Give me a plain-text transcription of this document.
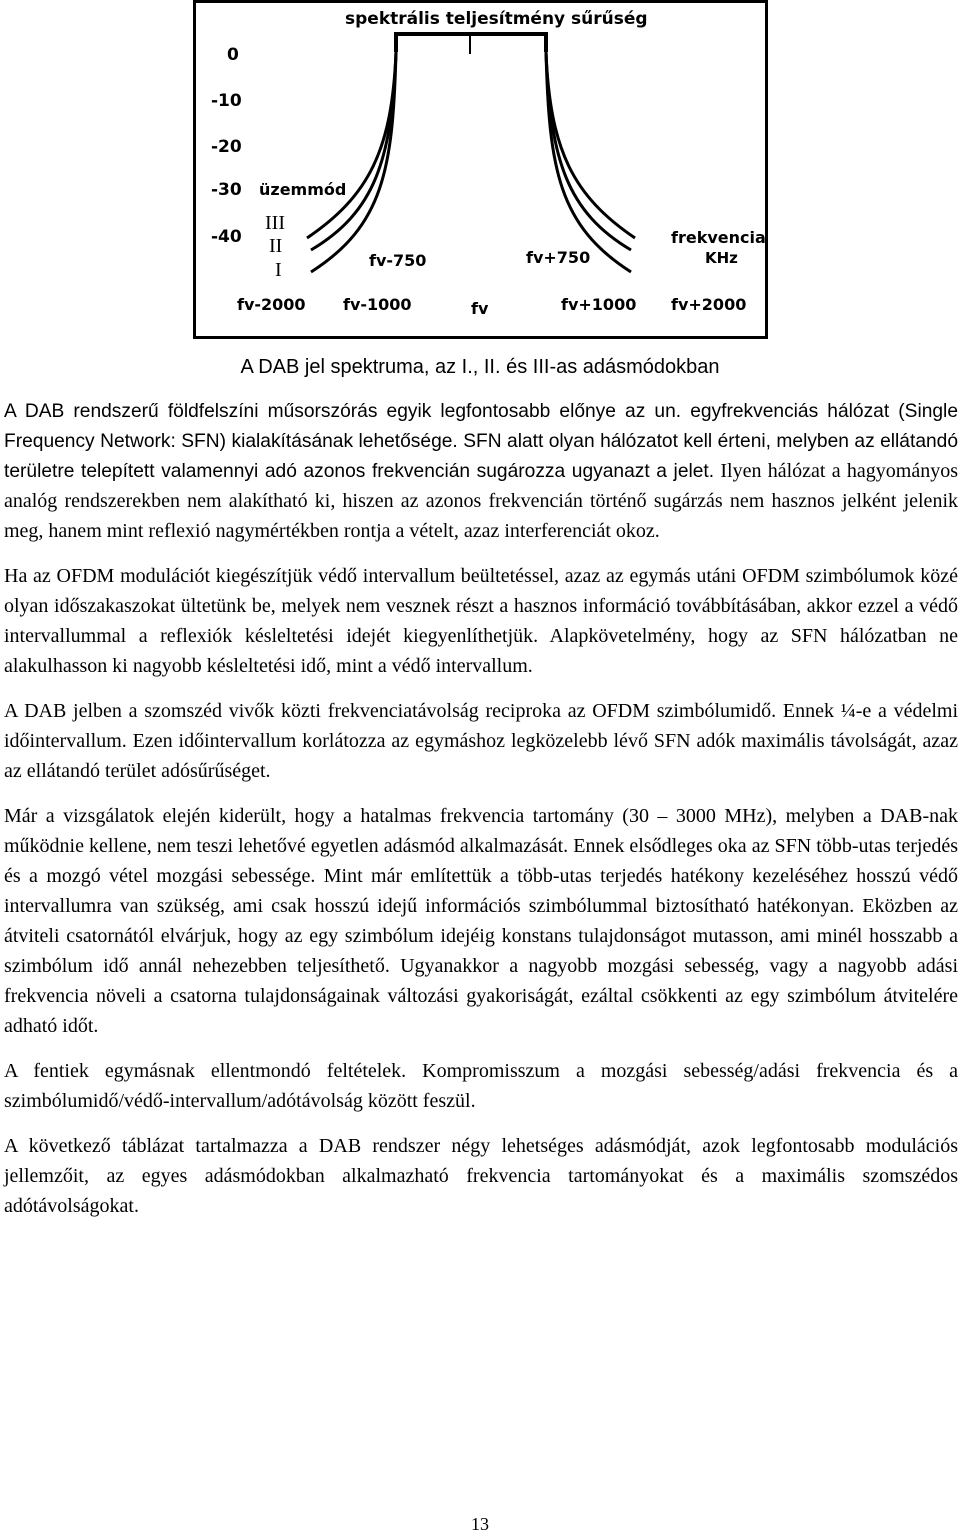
spektrális teljesítmény sűrűség
0
-10
-20
-30
-40
üzemmód
III
II
I
frekvencia
KHz
fv-750	fv+750
fv-2000 fv-1000	fv	fv+1000 fv+2000
A DAB jel spektruma, az I., II. és III-as adásmódokban

A DAB rendszerű földfelszíni műsorszórás egyik legfontosabb előnye az un. egyfrekvenciás hálózat (Single Frequency Network: SFN) kialakításának lehetősége. SFN alatt olyan hálózatot kell érteni, melyben az ellátandó területre telepített valamennyi adó azonos frekvencián sugározza ugyanazt a jelet. Ilyen hálózat a hagyományos analóg rendszerekben nem alakítható ki, hiszen az azonos frekvencián történő sugárzás nem hasznos jelként jelenik meg, hanem mint reflexió nagymértékben rontja a vételt, azaz interferenciát okoz.

Ha az OFDM modulációt kiegészítjük védő intervallum beültetéssel, azaz az egymás utáni OFDM szimbólumok közé olyan időszakaszokat ültetünk be, melyek nem vesznek részt a hasznos információ továbbításában, akkor ezzel a védő intervallummal a reflexiók késleltetési idejét kiegyenlíthetjük. Alapkövetelmény, hogy az SFN hálózatban ne alakulhasson ki nagyobb késleltetési idő, mint a védő intervallum.

A DAB jelben a szomszéd vivők közti frekvenciatávolság reciproka az OFDM szimbólumidő. Ennek ¼-e a védelmi időintervallum. Ezen időintervallum korlátozza az egymáshoz legközelebb lévő SFN adók maximális távolságát, azaz az ellátandó terület adósűrűséget.

Már a vizsgálatok elején kiderült, hogy a hatalmas frekvencia tartomány (30 – 3000 MHz), melyben a DAB-nak működnie kellene, nem teszi lehetővé egyetlen adásmód alkalmazását. Ennek elsődleges oka az SFN több-utas terjedés és a mozgó vétel mozgási sebessége. Mint már említettük a több-utas terjedés hatékony kezeléséhez hosszú védő intervallumra van szükség, ami csak hosszú idejű információs szimbólummal biztosítható hatékonyan. Eközben az átviteli csatornától elvárjuk, hogy az egy szimbólum idejéig konstans tulajdonságot mutasson, ami minél hosszabb a szimbólum idő annál nehezebben teljesíthető. Ugyanakkor a nagyobb mozgási sebesség, vagy a nagyobb adási frekvencia növeli a csatorna tulajdonságainak változási gyakoriságát, ezáltal csökkenti az egy szimbólum átvitelére adható időt.

A fentiek egymásnak ellentmondó feltételek. Kompromisszum a mozgási sebesség/adási frekvencia és a szimbólumidő/védő-intervallum/adótávolság között feszül.

A következő táblázat tartalmazza a DAB rendszer négy lehetséges adásmódját, azok legfontosabb modulációs jellemzőit, az egyes adásmódokban alkalmazható frekvencia tartományokat és a maximális szomszédos adótávolságokat.

13
